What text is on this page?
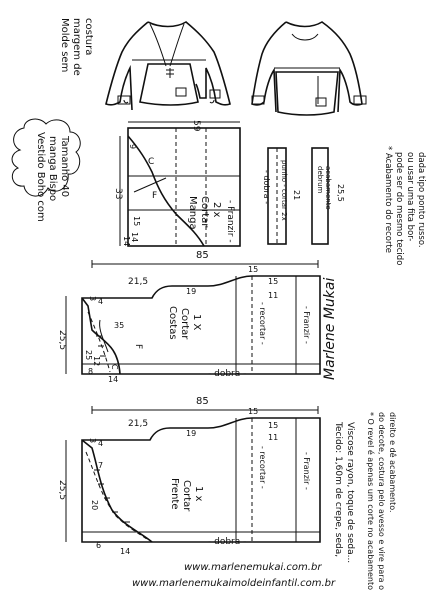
Molde sem margem de costura
Vestido Boho com manga Bispo Tamanho 40	C
F	Manga Cortar 2 x - Franzir -
59
33
15
14
14
9
punho - cortar 2x
- dobra -	21
debrum acabamento 25,5	* Acabamento do recorte pode ser do mesmo tecido ou usar uma fita bor- dada tipo ponto russo.
85
F
Costas Cortar 1 X	- recortar -	- Franzir -
- dobra -
21,5
19
15
15
11
25,5
3 4
35
25
12
8
14
C	Marlene Mukai
85
Frente Cortar 1 x
- recortar -	- Franzir -
- dobra -
21,5
19
15
15
11
25,5
3 4
7
20
6
14	Tecido: 1,60m de crepe, seda, Viscose rayon, toque de seda... * O revel é apenas um corte no acabamento do decote, costura pelo avesso e vire para o direito e dê acabamento.
www.marlenemukai.com.br
www.marlenemukaimoldeinfantil.com.br
